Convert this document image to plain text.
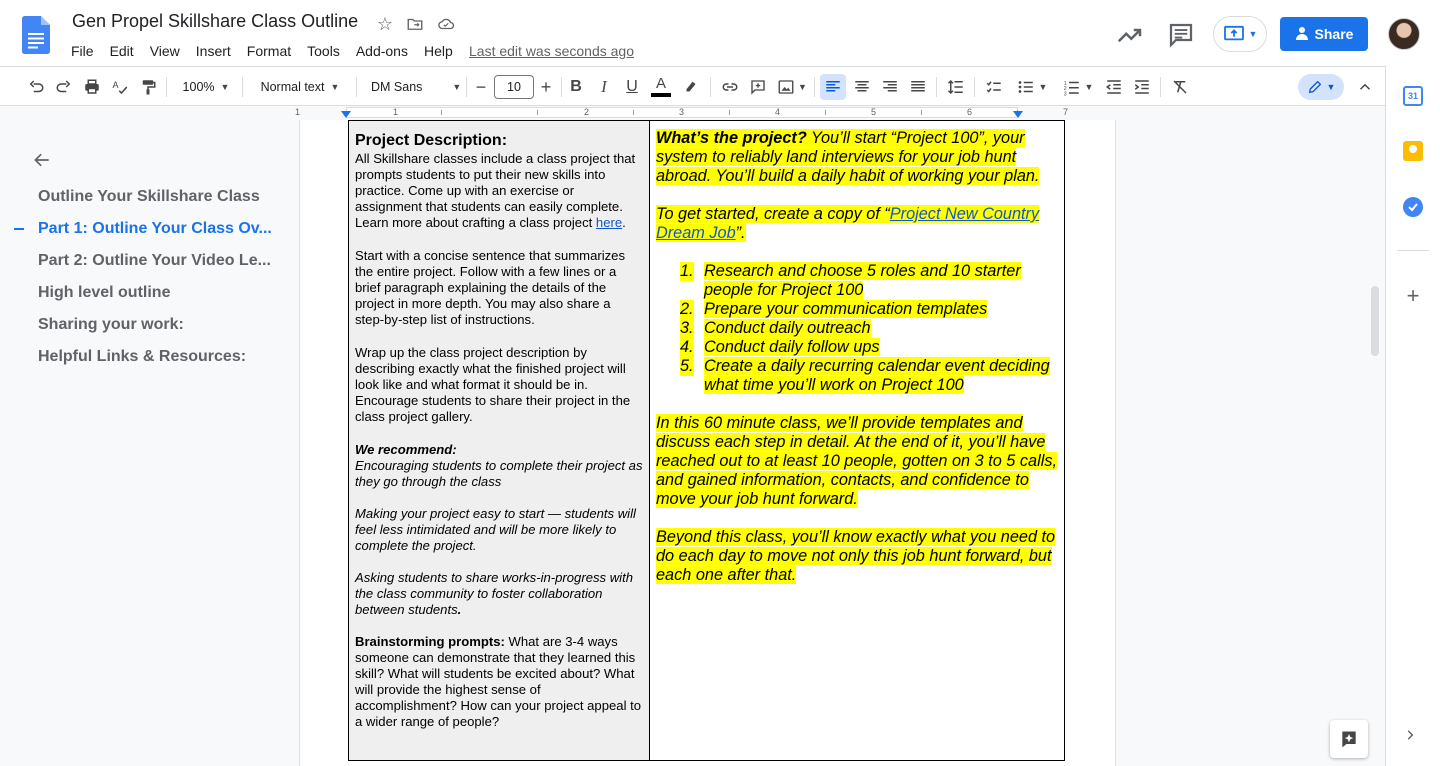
Gen Propel Skillshare Class Outline ☆
File	Edit	View	Insert	Format	Tools	Add-ons	Help	Last edit was seconds ago
▼	Share
A	100% ▼ Normal text ▼	DM Sans	▼ −	10	+	B	I	U	A	▼	▼ 1
2
3
▼	▼
31
+
1	1	2	3	4	5	6	7
Outline Your Skillshare Class
Part 1: Outline Your Class Ov...
Part 2: Outline Your Video Le...
High level outline
Sharing your work:
Helpful Links & Resources:
Project Description:
All Skillshare classes include a class project that prompts students to put their new skills into practice. Come up with an exercise or assignment that students can easily complete. Learn more about crafting a class project here.
Start with a concise sentence that summarizes the entire project. Follow with a few lines or a brief paragraph explaining the details of the project in more depth. You may also share a step-by-step list of instructions.
Wrap up the class project description by describing exactly what the finished project will look like and what format it should be in. Encourage students to share their project in the class project gallery.
We recommend:
Encouraging students to complete their project as they go through the class
Making your project easy to start — students will feel less intimidated and will be more likely to complete the project.
Asking students to share works-in-progress with the class community to foster collaboration between students.
Brainstorming prompts: What are 3-4 ways someone can demonstrate that they learned this skill? What will students be excited about? What will provide the highest sense of accomplishment? How can your project appeal to a wider range of people?

What’s the project? You’ll start “Project 100”, your system to reliably land interviews for your job hunt abroad. You’ll build a daily habit of working your plan.
To get started, create a copy of “Project New Country Dream Job”.
1. Research and choose 5 roles and 10 starter people for Project 100
2. Prepare your communication templates
3. Conduct daily outreach
4. Conduct daily follow ups
5. Create a daily recurring calendar event deciding what time you’ll work on Project 100
In this 60 minute class, we’ll provide templates and discuss each step in detail. At the end of it, you’ll have reached out to at least 10 people, gotten on 3 to 5 calls, and gained information, contacts, and confidence to move your job hunt forward.
Beyond this class, you’ll know exactly what you need to do each day to move not only this job hunt forward, but each one after that.
